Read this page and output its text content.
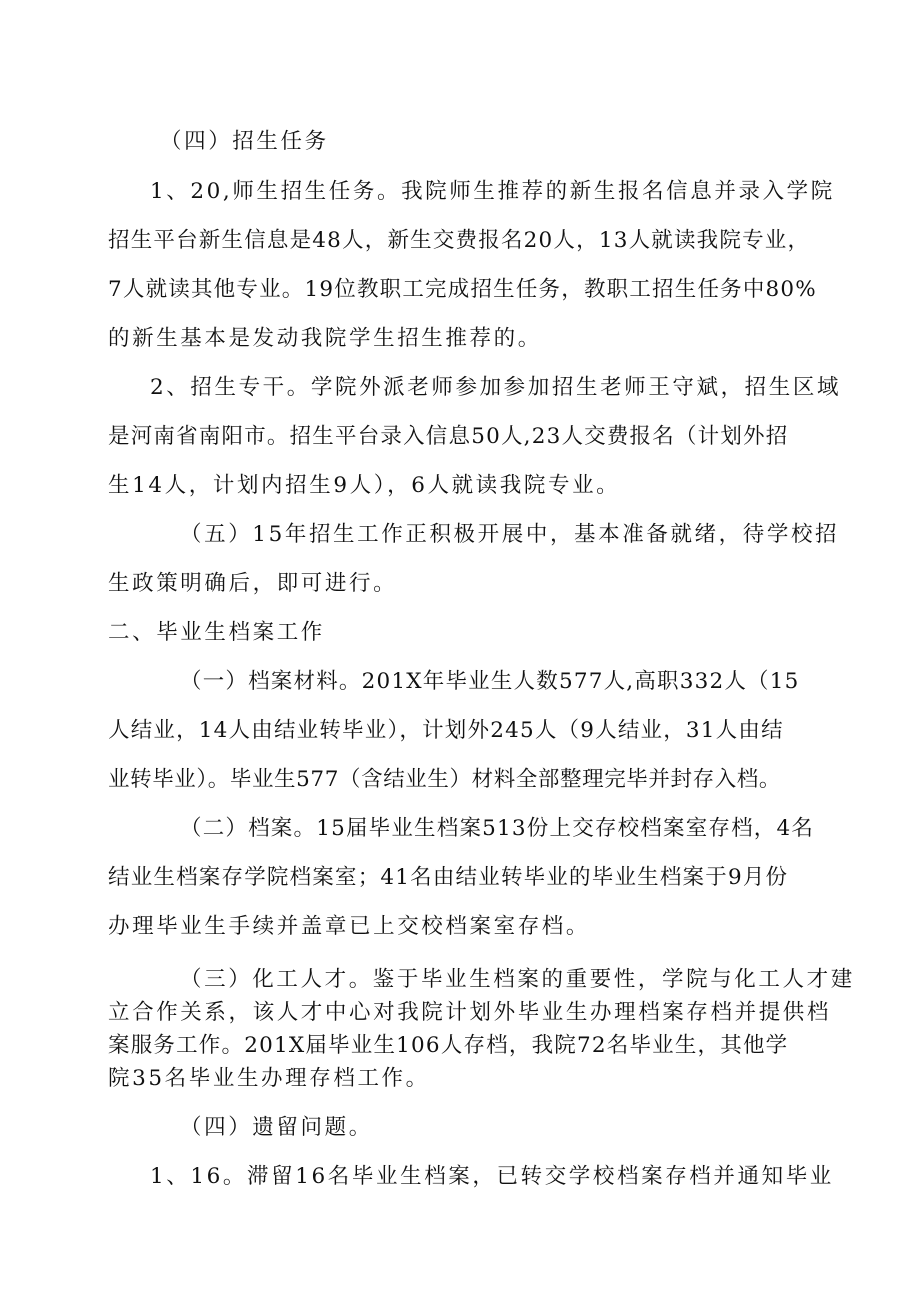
（四）招生任务

1、20,师生招生任务。我院师生推荐的新生报名信息并录入学院

招生平台新生信息是48人，新生交费报名20人，13人就读我院专业，

7人就读其他专业。19位教职工完成招生任务，教职工招生任务中80%

的新生基本是发动我院学生招生推荐的。

2、招生专干。学院外派老师参加参加招生老师王守斌，招生区域

是河南省南阳市。招生平台录入信息50人,23人交费报名（计划外招

生14人，计划内招生9人），6人就读我院专业。

（五）15年招生工作正积极开展中，基本准备就绪，待学校招

生政策明确后，即可进行。

二、毕业生档案工作

（一）档案材料。201X年毕业生人数577人,高职332人（15

人结业，14人由结业转毕业），计划外245人（9人结业，31人由结

业转毕业）。毕业生577（含结业生）材料全部整理完毕并封存入档。

（二）档案。15届毕业生档案513份上交存校档案室存档，4名

结业生档案存学院档案室；41名由结业转毕业的毕业生档案于9月份

办理毕业生手续并盖章已上交校档案室存档。

（三）化工人才。鉴于毕业生档案的重要性，学院与化工人才建

立合作关系，该人才中心对我院计划外毕业生办理档案存档并提供档

案服务工作。201X届毕业生106人存档，我院72名毕业生，其他学

院35名毕业生办理存档工作。

（四）遗留问题。

1、16。滞留16名毕业生档案，已转交学校档案存档并通知毕业
